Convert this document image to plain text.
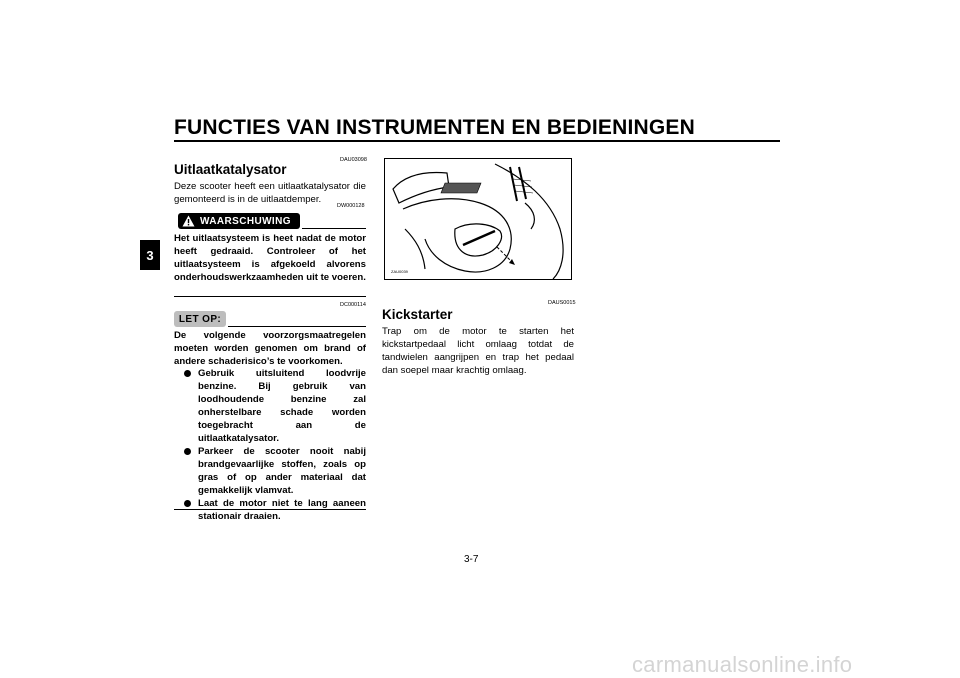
FUNCTIES VAN INSTRUMENTEN EN BEDIENINGEN
3
DAU03098
Uitlaatkatalysator

Deze scooter heeft een uitlaatkatalysator die gemonteerd is in de uitlaatdemper.

DW000128
WAARSCHUWING

Het uitlaatsysteem is heet nadat de motor heeft gedraaid. Controleer of het uitlaatsysteem is afgekoeld alvorens onderhoudswerkzaamheden uit te voeren.

DC000114
LET OP:

De volgende voorzorgsmaatregelen moeten worden genomen om brand of andere schaderisico’s te voorkomen.

Gebruik uitsluitend loodvrije benzine. Bij gebruik van loodhoudende benzine zal onherstelbare schade worden toegebracht aan de uitlaatkatalysator.
Parkeer de scooter nooit nabij brandgevaarlijke stoffen, zoals op gras of op ander materiaal dat gemakkelijk vlamvat.
Laat de motor niet te lang aaneen stationair draaien.
ZAU0039
DAUS0015
Kickstarter

Trap om de motor te starten het kickstartpedaal licht omlaag totdat de tandwielen aangrijpen en trap het pedaal dan soepel maar krachtig omlaag.

3-7
carmanualsonline.info
